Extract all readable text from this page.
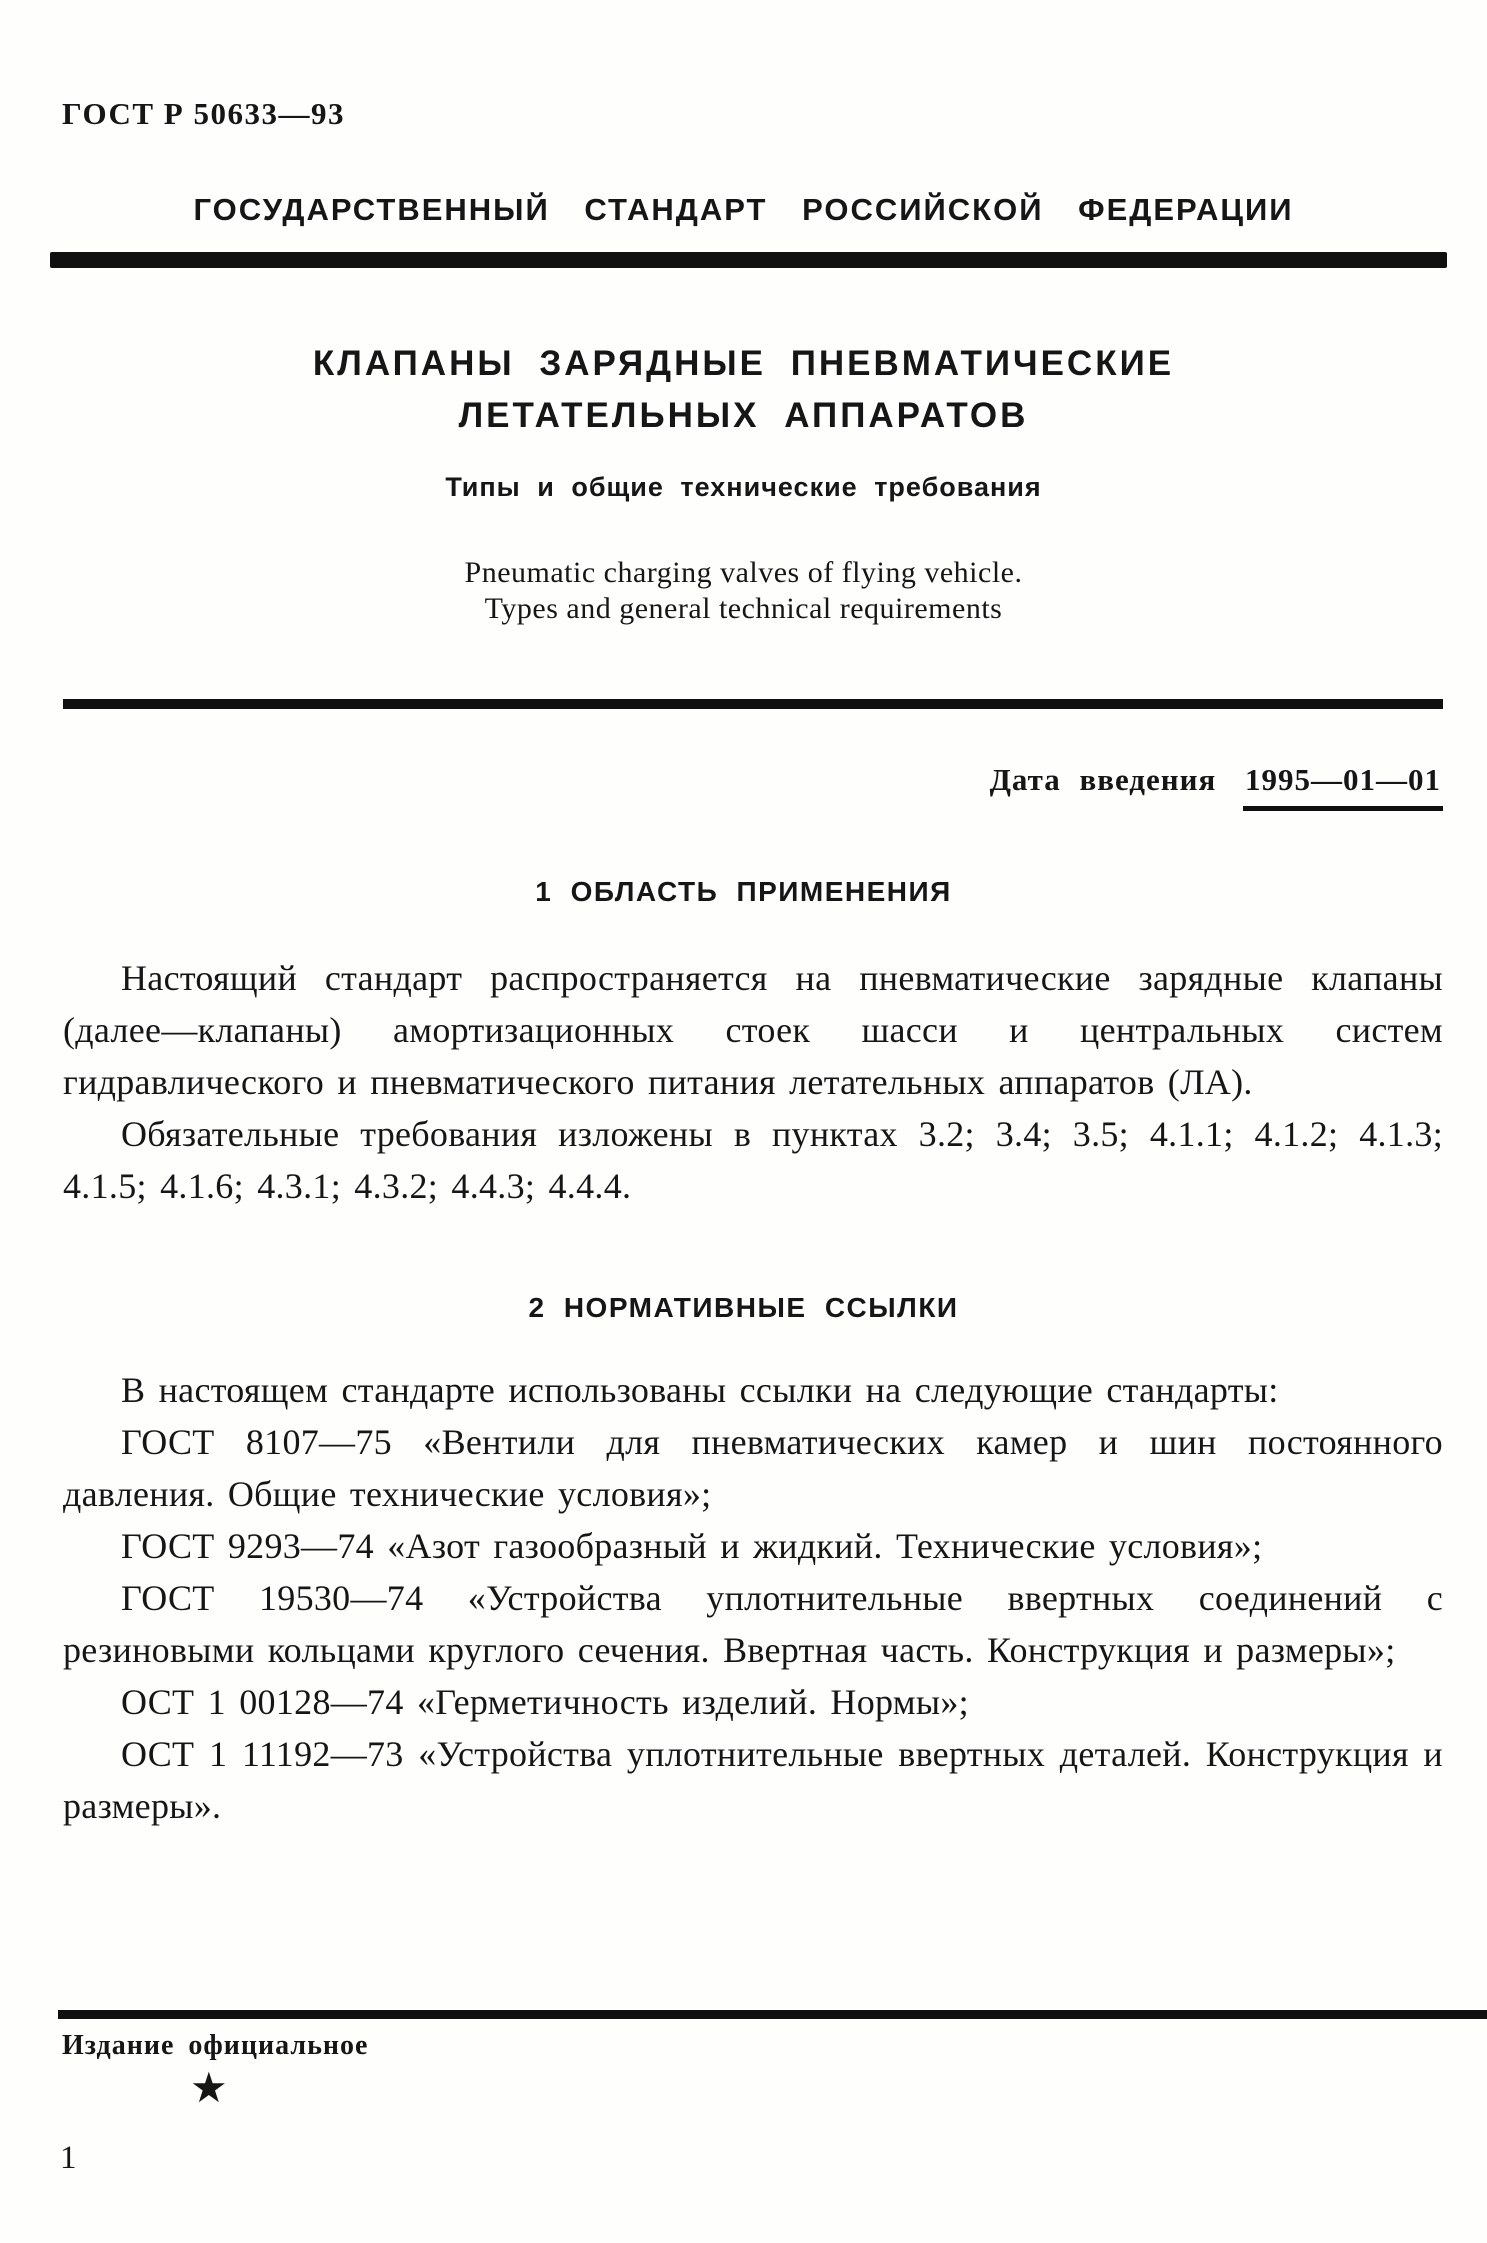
ГОСТ Р 50633—93
ГОСУДАРСТВЕННЫЙ СТАНДАРТ РОССИЙСКОЙ ФЕДЕРАЦИИ
КЛАПАНЫ ЗАРЯДНЫЕ ПНЕВМАТИЧЕСКИЕ
ЛЕТАТЕЛЬНЫХ АППАРАТОВ
Типы и общие технические требования
Pneumatic charging valves of flying vehicle.
Types and general technical requirements
Дата введения 1995—01—01
1 ОБЛАСТЬ ПРИМЕНЕНИЯ

Настоящий стандарт распространяется на пневматические зарядные клапаны (далее—клапаны) амортизационных стоек шасси и центральных систем гидравлического и пневматического питания летательных аппаратов (ЛА).

Обязательные требования изложены в пунктах 3.2; 3.4; 3.5; 4.1.1; 4.1.2; 4.1.3; 4.1.5; 4.1.6; 4.3.1; 4.3.2; 4.4.3; 4.4.4.

2 НОРМАТИВНЫЕ ССЫЛКИ

В настоящем стандарте использованы ссылки на следующие стандарты:

ГОСТ 8107—75 «Вентили для пневматических камер и шин постоянного давления. Общие технические условия»;

ГОСТ 9293—74 «Азот газообразный и жидкий. Технические условия»;

ГОСТ 19530—74 «Устройства уплотнительные ввертных соединений с резиновыми кольцами круглого сечения. Ввертная часть. Конструкция и размеры»;

ОСТ 1 00128—74 «Герметичность изделий. Нормы»;

ОСТ 1 11192—73 «Устройства уплотнительные ввертных деталей. Конструкция и размеры».

Издание официальное
★
1
